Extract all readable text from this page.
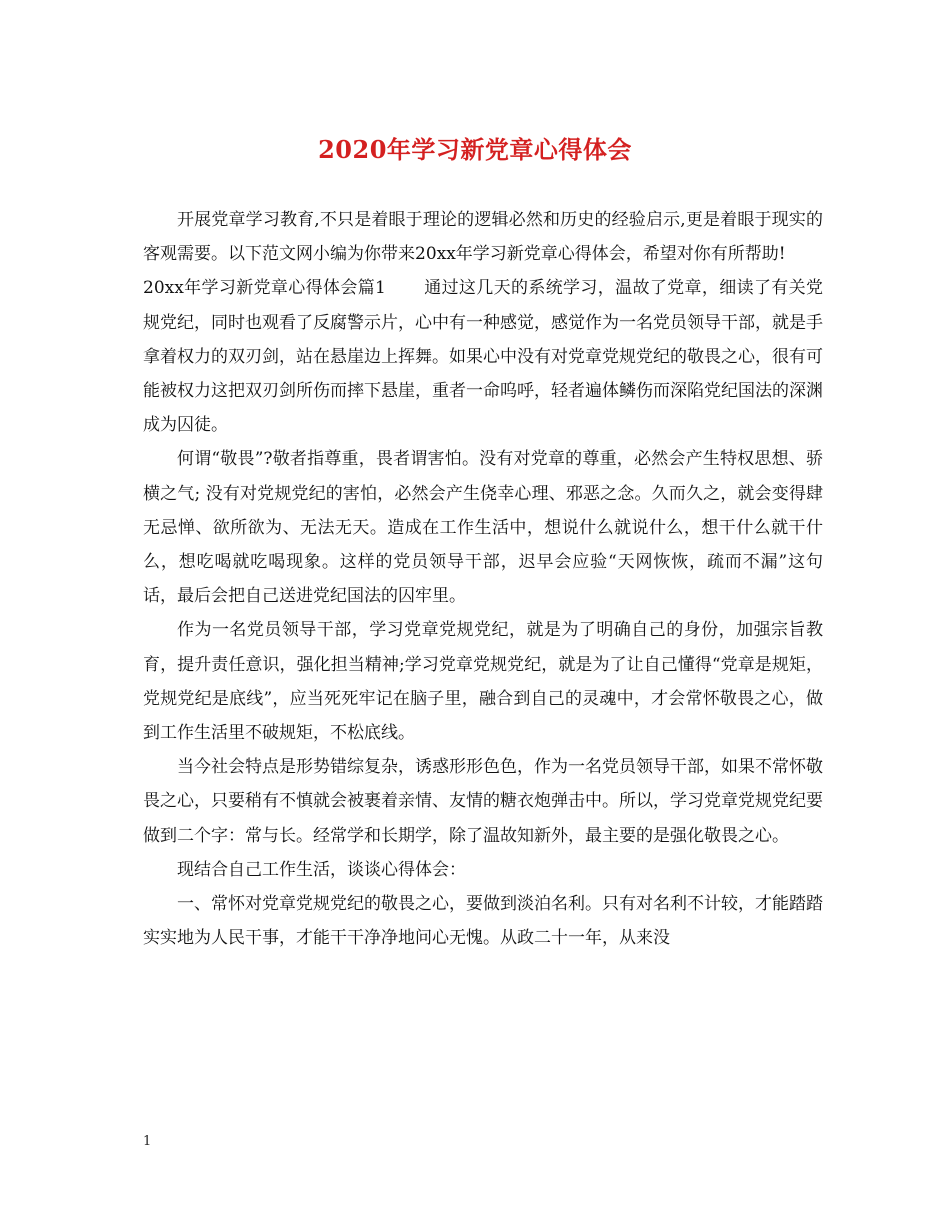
2020年学习新党章心得体会

开展党章学习教育,不只是着眼于理论的逻辑必然和历史的经验启示,更是着眼于现实的客观需要。以下范文网小编为你带来20xx年学习新党章心得体会，希望对你有所帮助!

20xx年学习新党章心得体会篇1 通过这几天的系统学习，温故了党章，细读了有关党规党纪，同时也观看了反腐警示片，心中有一种感觉，感觉作为一名党员领导干部，就是手拿着权力的双刃剑，站在悬崖边上挥舞。如果心中没有对党章党规党纪的敬畏之心，很有可能被权力这把双刃剑所伤而摔下悬崖，重者一命呜呼，轻者遍体鳞伤而深陷党纪国法的深渊成为囚徒。

何谓“敬畏”?敬者指尊重，畏者谓害怕。没有对党章的尊重，必然会产生特权思想、骄横之气; 没有对党规党纪的害怕，必然会产生侥幸心理、邪恶之念。久而久之，就会变得肆无忌惮、欲所欲为、无法无天。造成在工作生活中，想说什么就说什么，想干什么就干什么，想吃喝就吃喝现象。这样的党员领导干部，迟早会应验“天网恢恢，疏而不漏”这句话，最后会把自己送进党纪国法的囚牢里。

作为一名党员领导干部，学习党章党规党纪，就是为了明确自己的身份，加强宗旨教育，提升责任意识，强化担当精神;学习党章党规党纪，就是为了让自己懂得“党章是规矩，党规党纪是底线”，应当死死牢记在脑子里，融合到自己的灵魂中，才会常怀敬畏之心，做到工作生活里不破规矩，不松底线。

当今社会特点是形势错综复杂，诱惑形形色色，作为一名党员领导干部，如果不常怀敬畏之心，只要稍有不慎就会被裹着亲情、友情的糖衣炮弹击中。所以，学习党章党规党纪要做到二个字：常与长。经常学和长期学，除了温故知新外，最主要的是强化敬畏之心。

现结合自己工作生活，谈谈心得体会：

一、常怀对党章党规党纪的敬畏之心，要做到淡泊名利。只有对名利不计较，才能踏踏实实地为人民干事，才能干干净净地问心无愧。从政二十一年，从来没

1
